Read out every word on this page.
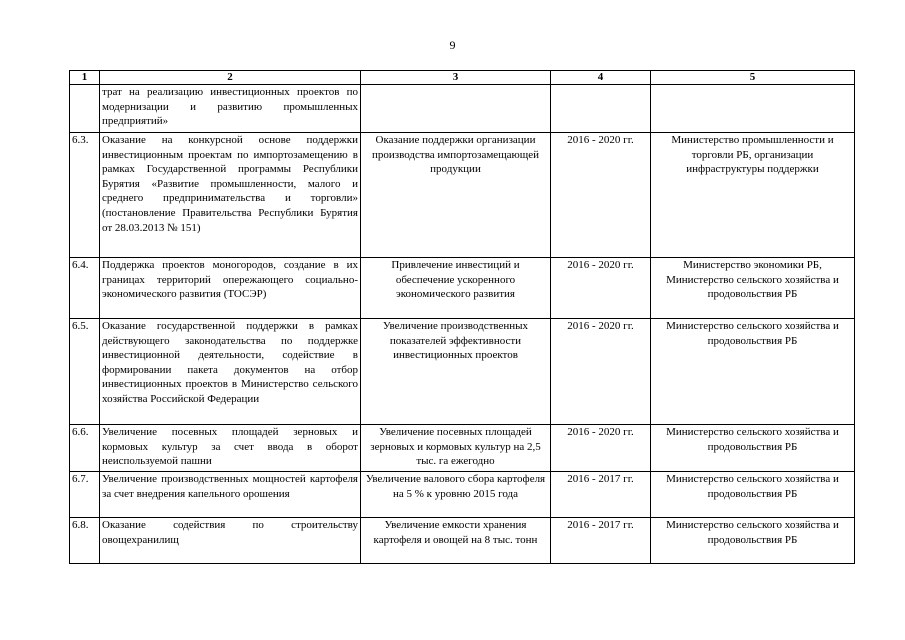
9
1	2	3	4	5
	трат на реализацию инвестиционных проектов по модернизации и развитию промышленных предприятий»			
6.3.	Оказание на конкурсной основе поддержки инвестиционным проектам по импортозамещению в рамках Государственной программы Республики Бурятия «Развитие промышленности, малого и среднего предпринимательства и торговли» (постановление Правительства Республики Бурятия от 28.03.2013 № 151)	Оказание поддержки организации производства импортозамещающей продукции	2016 - 2020 гг.	Министерство промышленности и торговли РБ, организации инфраструктуры поддержки
6.4.	Поддержка проектов моногородов, создание в их границах территорий опережающего социально-экономического развития (ТОСЭР)	Привлечение инвестиций и обеспечение ускоренного экономического развития	2016 - 2020 гг.	Министерство экономики РБ, Министерство сельского хозяйства и продовольствия РБ
6.5.	Оказание государственной поддержки в рамках действующего законодательства по поддержке инвестиционной деятельности, содействие в формировании пакета документов на отбор инвестиционных проектов в Министерство сельского хозяйства Российской Федерации	Увеличение производственных показателей эффективности инвестиционных проектов	2016 - 2020 гг.	Министерство сельского хозяйства и продовольствия РБ
6.6.	Увеличение посевных площадей зерновых и кормовых культур за счет ввода в оборот неиспользуемой пашни	Увеличение посевных площадей зерновых и кормовых культур на 2,5 тыс. га ежегодно	2016 - 2020 гг.	Министерство сельского хозяйства и продовольствия РБ
6.7.	Увеличение производственных мощностей картофеля за счет внедрения капельного орошения	Увеличение валового сбора картофеля на 5 % к уровню 2015 года	2016 - 2017 гг.	Министерство сельского хозяйства и продовольствия РБ
6.8.	Оказание содействия по строительству овощехранилищ	Увеличение емкости хранения картофеля и овощей на 8 тыс. тонн	2016 - 2017 гг.	Министерство сельского хозяйства и продовольствия РБ
